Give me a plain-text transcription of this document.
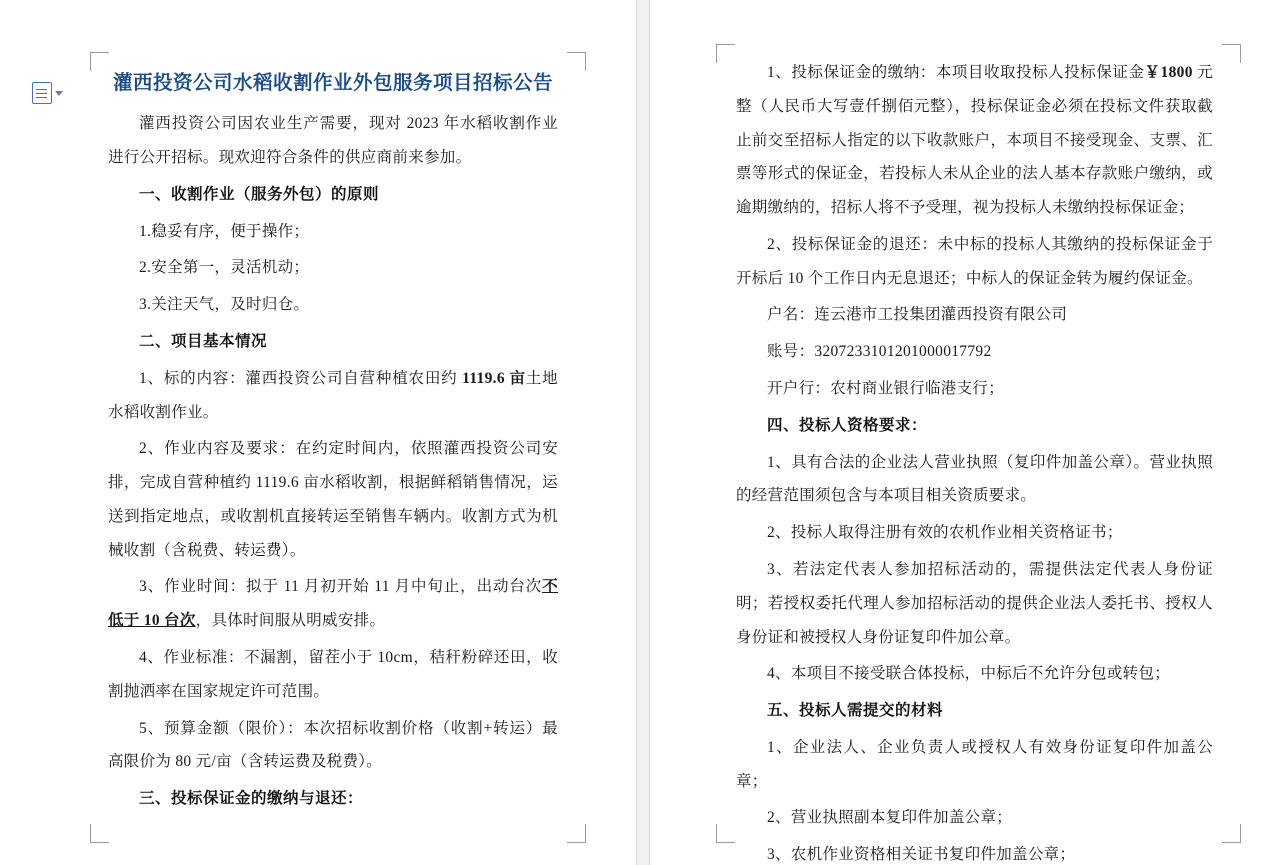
灌西投资公司水稻收割作业外包服务项目招标公告

灌西投资公司因农业生产需要，现对 2023 年水稻收割作业进行公开招标。现欢迎符合条件的供应商前来参加。

一、收割作业（服务外包）的原则

1.稳妥有序，便于操作；

2.安全第一，灵活机动；

3.关注天气，及时归仓。

二、项目基本情况

1、标的内容：灌西投资公司自营种植农田约 1119.6 亩土地水稻收割作业。

2、作业内容及要求：在约定时间内，依照灌西投资公司安排，完成自营种植约 1119.6 亩水稻收割，根据鲜稻销售情况，运送到指定地点，或收割机直接转运至销售车辆内。收割方式为机械收割（含税费、转运费）。

3、作业时间：拟于 11 月初开始 11 月中旬止，出动台次不低于 10 台次，具体时间服从明威安排。

4、作业标准：不漏割，留茬小于 10cm，秸秆粉碎还田，收割抛洒率在国家规定许可范围。

5、预算金额（限价）：本次招标收割价格（收割+转运）最高限价为 80 元/亩（含转运费及税费）。

三、投标保证金的缴纳与退还：

1、投标保证金的缴纳：本项目收取投标人投标保证金￥1800 元整（人民币大写壹仟捌佰元整），投标保证金必须在投标文件获取截止前交至招标人指定的以下收款账户，本项目不接受现金、支票、汇票等形式的保证金，若投标人未从企业的法人基本存款账户缴纳，或逾期缴纳的，招标人将不予受理，视为投标人未缴纳投标保证金；

2、投标保证金的退还：未中标的投标人其缴纳的投标保证金于开标后 10 个工作日内无息退还；中标人的保证金转为履约保证金。

户名：连云港市工投集团灌西投资有限公司

账号：3207233101201000017792

开户行：农村商业银行临港支行；

四、投标人资格要求：

1、具有合法的企业法人营业执照（复印件加盖公章）。营业执照的经营范围须包含与本项目相关资质要求。

2、投标人取得注册有效的农机作业相关资格证书；

3、若法定代表人参加招标活动的，需提供法定代表人身份证明；若授权委托代理人参加招标活动的提供企业法人委托书、授权人身份证和被授权人身份证复印件加公章。

4、本项目不接受联合体投标，中标后不允许分包或转包；

五、投标人需提交的材料

1、企业法人、企业负责人或授权人有效身份证复印件加盖公章；

2、营业执照副本复印件加盖公章；

3、农机作业资格相关证书复印件加盖公章；
